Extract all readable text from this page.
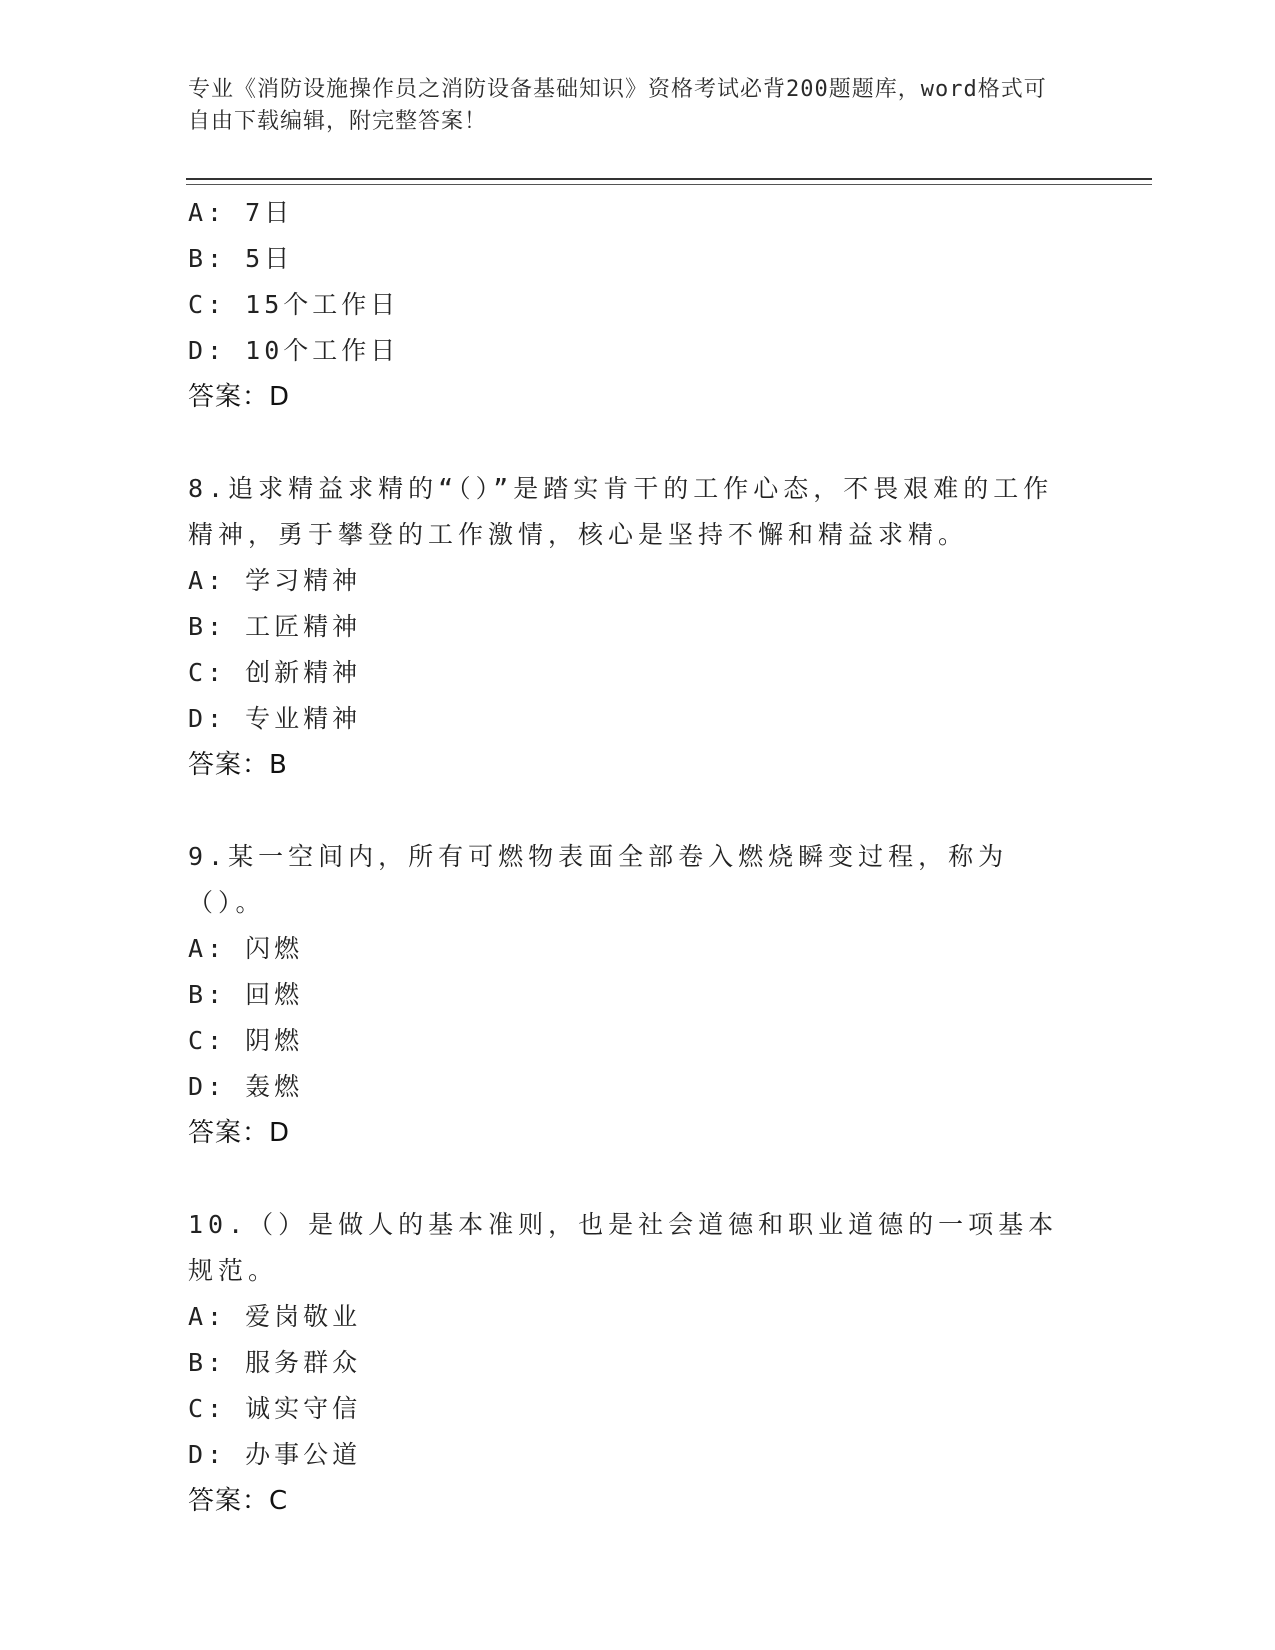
专业《消防设施操作员之消防设备基础知识》资格考试必背200题题库，word格式可自由下载编辑，附完整答案！
A: 7日
B: 5日
C: 15个工作日
D: 10个工作日
答案：D
8.追求精益求精的“（）”是踏实肯干的工作心态，不畏艰难的工作精神，勇于攀登的工作激情，核心是坚持不懈和精益求精。
A: 学习精神
B: 工匠精神
C: 创新精神
D: 专业精神
答案：B
9.某一空间内，所有可燃物表面全部卷入燃烧瞬变过程，称为（）。
A: 闪燃
B: 回燃
C: 阴燃
D: 轰燃
答案：D
10.（）是做人的基本准则，也是社会道德和职业道德的一项基本规范。
A: 爱岗敬业
B: 服务群众
C: 诚实守信
D: 办事公道
答案：C
